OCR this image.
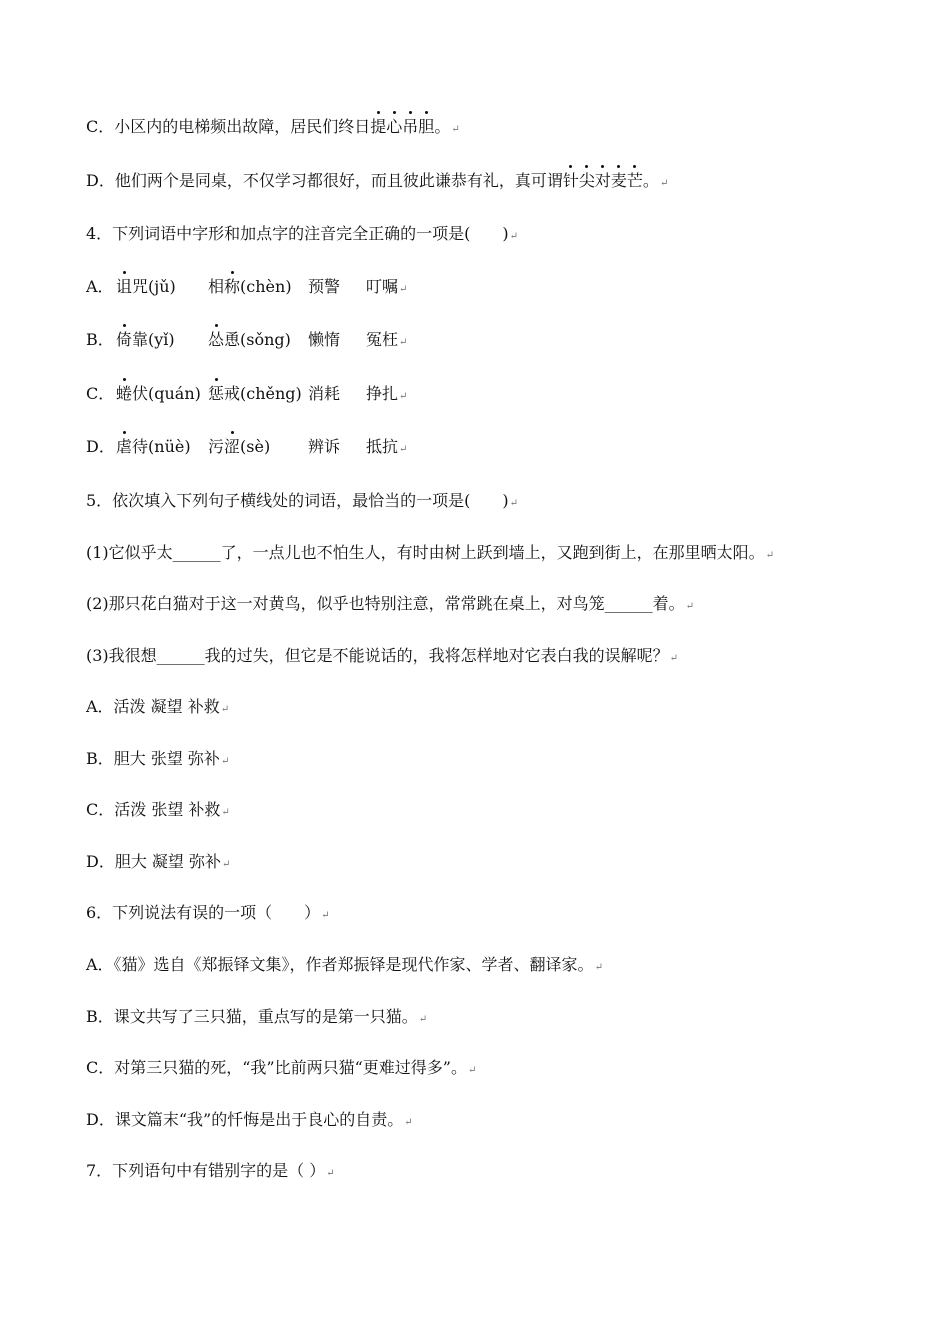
C．小区内的电梯频出故障，居民们终日提心吊胆。↵
D．他们两个是同桌，不仅学习都很好，而且彼此谦恭有礼，真可谓针尖对麦芒。↵
4．下列词语中字形和加点字的注音完全正确的一项是(　　)↵
A． 诅咒(jǔ) 相称(chèn) 预警 叮嘱↵
B． 倚靠(yǐ) 怂恿(sǒng) 懒惰 冤枉↵
C． 蜷伏(quán) 惩戒(chěng) 消耗 挣扎↵
D．虐待(nüè) 污涩(sè) 辨诉 抵抗↵
5．依次填入下列句子横线处的词语，最恰当的一项是(　　)↵
(1)它似乎太______了，一点儿也不怕生人，有时由树上跃到墙上，又跑到街上，在那里晒太阳。↵
(2)那只花白猫对于这一对黄鸟，似乎也特别注意，常常跳在桌上，对鸟笼______着。↵
(3)我很想______我的过失，但它是不能说话的，我将怎样地对它表白我的误解呢？↵
A．活泼 凝望 补救↵
B．胆大 张望 弥补↵
C．活泼 张望 补救↵
D．胆大 凝望 弥补↵
6．下列说法有误的一项（　　）↵
A．《猫》选自《郑振铎文集》，作者郑振铎是现代作家、学者、翻译家。↵
B．课文共写了三只猫，重点写的是第一只猫。↵
C．对第三只猫的死，“我”比前两只猫“更难过得多”。↵
D．课文篇末“我”的忏悔是出于良心的自责。↵
7．下列语句中有错别字的是（ ）↵
